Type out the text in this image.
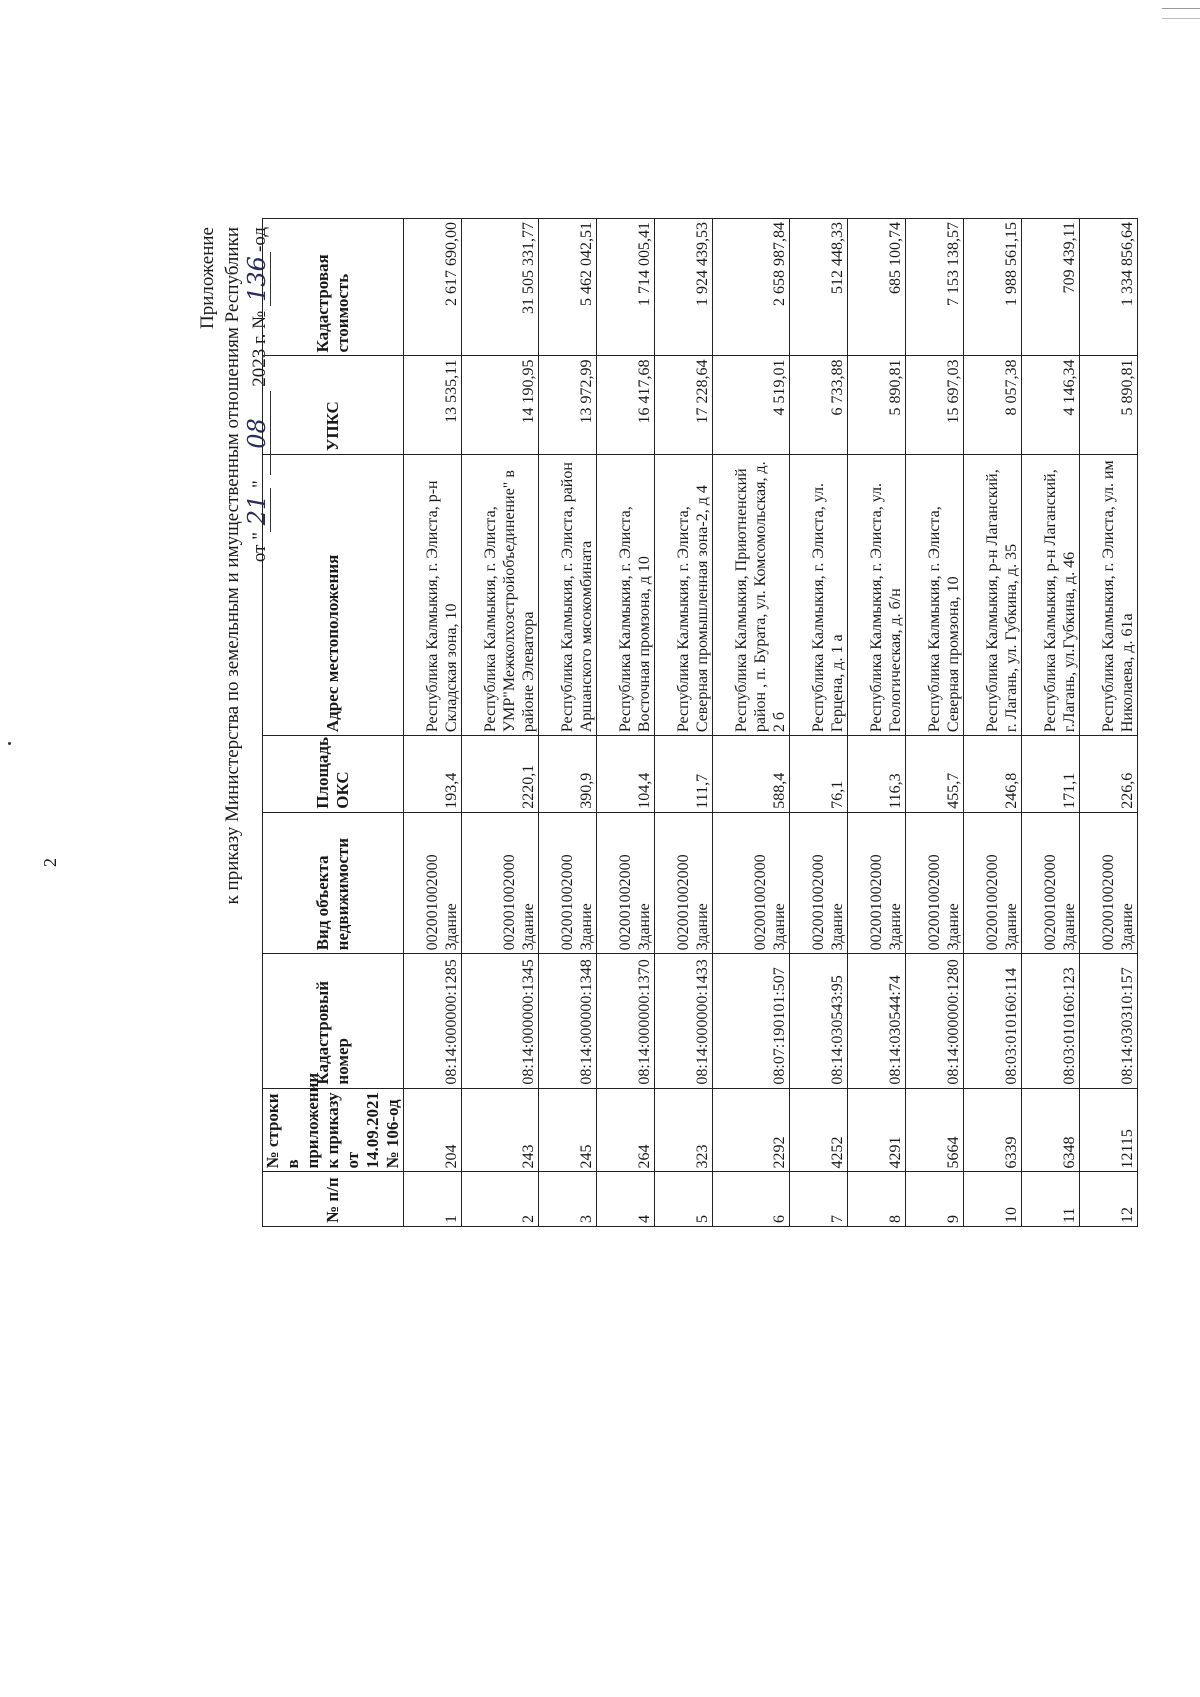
2
Приложение к приказу Министерства по земельным и имущественным отношениям Республики от "21" 08 2023 г. № 136-од
№ п/п	№ строки в приложении к приказу от 14.09.2021 № 106-од	Кадастровый номер	Вид объекта недвижимости	Площадь ОКС	Адрес местоположения	УПКС	Кадастровая стоимость
1	204	08:14:000000:1285	002001002000 Здание	193,4	Республика Калмыкия, г. Элиста, р-н Складская зона, 10	13 535,11	2 617 690,00
2	243	08:14:000000:1345	002001002000 Здание	2220,1	Республика Калмыкия, г. Элиста, УМР"Межколхозстройобъединение" в районе Элеватора	14 190,95	31 505 331,77
3	245	08:14:000000:1348	002001002000 Здание	390,9	Республика Калмыкия, г. Элиста, район Аршанского мясокомбината	13 972,99	5 462 042,51
4	264	08:14:000000:1370	002001002000 Здание	104,4	Республика Калмыкия, г. Элиста, Восточная промзона, д 10	16 417,68	1 714 005,41
5	323	08:14:000000:1433	002001002000 Здание	111,7	Республика Калмыкия, г. Элиста, Северная промышленная зона-2, д 4	17 228,64	1 924 439,53
6	2292	08:07:190101:507	002001002000 Здание	588,4	Республика Калмыкия, Приютненский район , п. Бурата, ул. Комсомольская, д. 2 б	4 519,01	2 658 987,84
7	4252	08:14:030543:95	002001002000 Здание	76,1	Республика Калмыкия, г. Элиста, ул. Герцена, д. 1 а	6 733,88	512 448,33
8	4291	08:14:030544:74	002001002000 Здание	116,3	Республика Калмыкия, г. Элиста, ул. Геологическая, д. б/н	5 890,81	685 100,74
9	5664	08:14:000000:1280	002001002000 Здание	455,7	Республика Калмыкия, г. Элиста, Северная промзона, 10	15 697,03	7 153 138,57
10	6339	08:03:010160:114	002001002000 Здание	246,8	Республика Калмыкия, р-н Лаганский, г. Лагань, ул. Губкина, д. 35	8 057,38	1 988 561,15
11	6348	08:03:010160:123	002001002000 Здание	171,1	Республика Калмыкия, р-н Лаганский, г.Лагань, ул.Губкина, д. 46	4 146,34	709 439,11
12	12115	08:14:030310:157	002001002000 Здание	226,6	Республика Калмыкия, г. Элиста, ул. им Николаева, д. 61а	5 890,81	1 334 856,64
